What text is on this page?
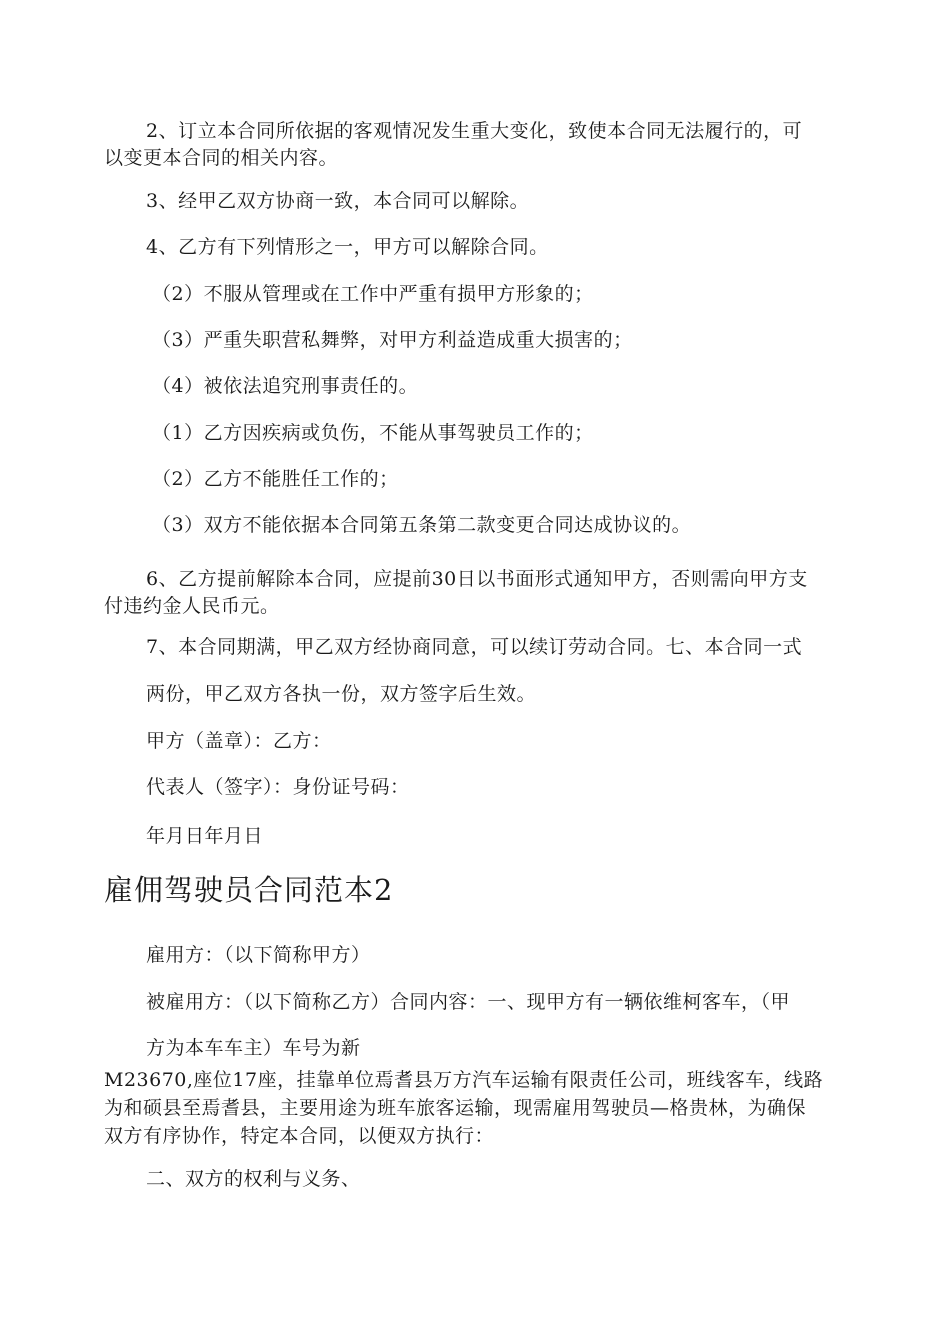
2、订立本合同所依据的客观情况发生重大变化，致使本合同无法履行的，可
以变更本合同的相关内容。
3、经甲乙双方协商一致，本合同可以解除。
4、乙方有下列情形之一，甲方可以解除合同。
（2）不服从管理或在工作中严重有损甲方形象的；
（3）严重失职营私舞弊，对甲方利益造成重大损害的；
（4）被依法追究刑事责任的。
（1）乙方因疾病或负伤，不能从事驾驶员工作的；
（2）乙方不能胜任工作的；
（3）双方不能依据本合同第五条第二款变更合同达成协议的。
6、乙方提前解除本合同，应提前30日以书面形式通知甲方，否则需向甲方支
付违约金人民币元。
7、本合同期满，甲乙双方经协商同意，可以续订劳动合同。七、本合同一式
两份，甲乙双方各执一份，双方签字后生效。
甲方（盖章）：乙方：
代表人（签字）：身份证号码：
年月日年月日
雇佣驾驶员合同范本2
雇用方：（以下简称甲方）
被雇用方：（以下简称乙方）合同内容：一、现甲方有一辆依维柯客车，（甲
方为本车车主）车号为新
M23670,座位17座，挂靠单位焉耆县万方汽车运输有限责任公司，班线客车，线路
为和硕县至焉耆县，主要用途为班车旅客运输，现需雇用驾驶员—格贵林，为确保
双方有序协作，特定本合同，以便双方执行：
二、双方的权利与义务、
